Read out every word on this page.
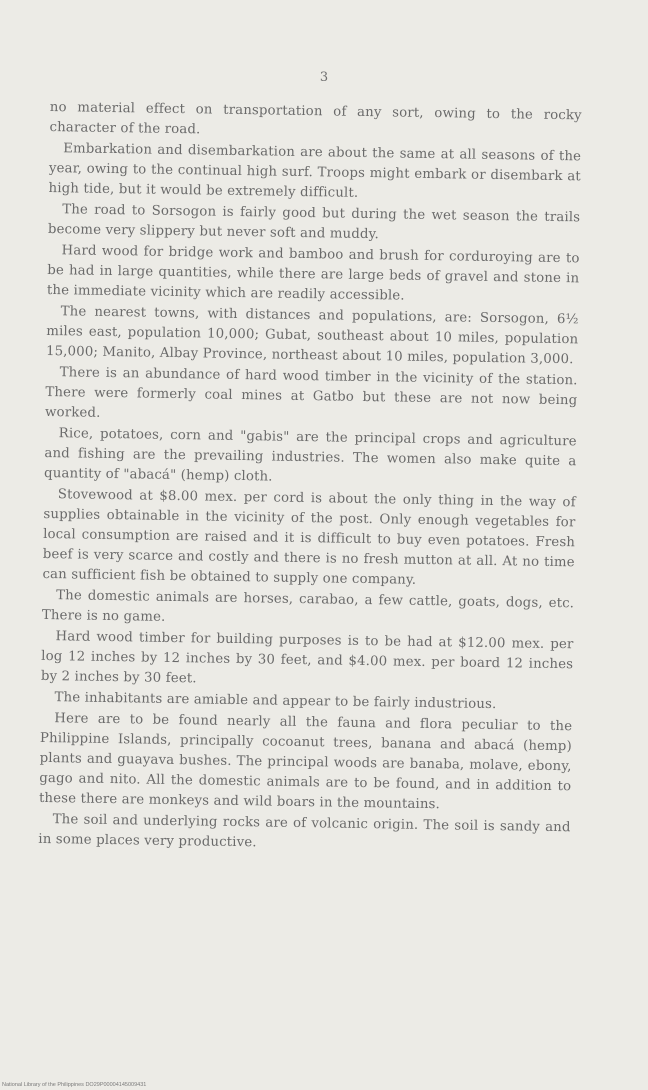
3

no material effect on transportation of any sort, owing to the rocky character of the road.

Embarkation and disembarkation are about the same at all seasons of the year, owing to the continual high surf. Troops might embark or disembark at high tide, but it would be extremely difficult.

The road to Sorsogon is fairly good but during the wet season the trails become very slippery but never soft and muddy.

Hard wood for bridge work and bamboo and brush for corduroying are to be had in large quantities, while there are large beds of gravel and stone in the immediate vicinity which are readily accessible.

The nearest towns, with distances and populations, are: Sorsogon, 6½ miles east, population 10,000; Gubat, southeast about 10 miles, population 15,000; Manito, Albay Province, northeast about 10 miles, population 3,000.

There is an abundance of hard wood timber in the vicinity of the station. There were formerly coal mines at Gatbo but these are not now being worked.

Rice, potatoes, corn and "gabis" are the principal crops and agriculture and fishing are the prevailing industries. The women also make quite a quantity of "abacá" (hemp) cloth.

Stovewood at $8.00 mex. per cord is about the only thing in the way of supplies obtainable in the vicinity of the post. Only enough vegetables for local consumption are raised and it is difficult to buy even potatoes. Fresh beef is very scarce and costly and there is no fresh mutton at all. At no time can sufficient fish be obtained to supply one company.

The domestic animals are horses, carabao, a few cattle, goats, dogs, etc. There is no game.

Hard wood timber for building purposes is to be had at $12.00 mex. per log 12 inches by 12 inches by 30 feet, and $4.00 mex. per board 12 inches by 2 inches by 30 feet.

The inhabitants are amiable and appear to be fairly industrious.

Here are to be found nearly all the fauna and flora peculiar to the Philippine Islands, principally cocoanut trees, banana and abacá (hemp) plants and guayava bushes. The principal woods are banaba, molave, ebony, gago and nito. All the domestic animals are to be found, and in addition to these there are monkeys and wild boars in the mountains.

The soil and underlying rocks are of volcanic origin. The soil is sandy and in some places very productive.

National Library of the Philippines DO29P00004145009431
